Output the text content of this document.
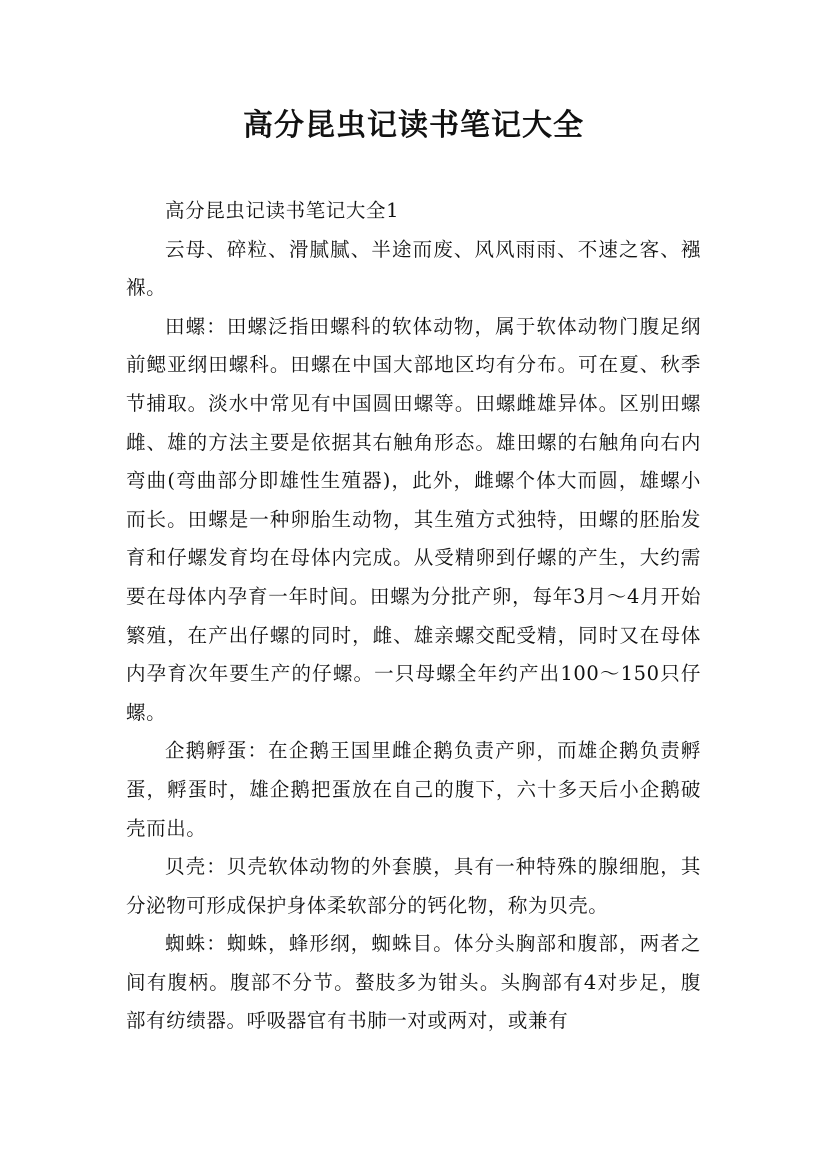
高分昆虫记读书笔记大全

高分昆虫记读书笔记大全1

云母、碎粒、滑腻腻、半途而废、风风雨雨、不速之客、襁褓。

田螺：田螺泛指田螺科的软体动物，属于软体动物门腹足纲前鳃亚纲田螺科。田螺在中国大部地区均有分布。可在夏、秋季节捕取。淡水中常见有中国圆田螺等。田螺雌雄异体。区别田螺雌、雄的方法主要是依据其右触角形态。雄田螺的右触角向右内弯曲(弯曲部分即雄性生殖器)，此外，雌螺个体大而圆，雄螺小而长。田螺是一种卵胎生动物，其生殖方式独特，田螺的胚胎发育和仔螺发育均在母体内完成。从受精卵到仔螺的产生，大约需要在母体内孕育一年时间。田螺为分批产卵，每年3月～4月开始繁殖，在产出仔螺的同时，雌、雄亲螺交配受精，同时又在母体内孕育次年要生产的仔螺。一只母螺全年约产出100～150只仔螺。

企鹅孵蛋：在企鹅王国里雌企鹅负责产卵，而雄企鹅负责孵蛋，孵蛋时，雄企鹅把蛋放在自己的腹下，六十多天后小企鹅破壳而出。

贝壳：贝壳软体动物的外套膜，具有一种特殊的腺细胞，其分泌物可形成保护身体柔软部分的钙化物，称为贝壳。

蜘蛛：蜘蛛，蜂形纲，蜘蛛目。体分头胸部和腹部，两者之间有腹柄。腹部不分节。螯肢多为钳头。头胸部有4对步足，腹部有纺绩器。呼吸器官有书肺一对或两对，或兼有
